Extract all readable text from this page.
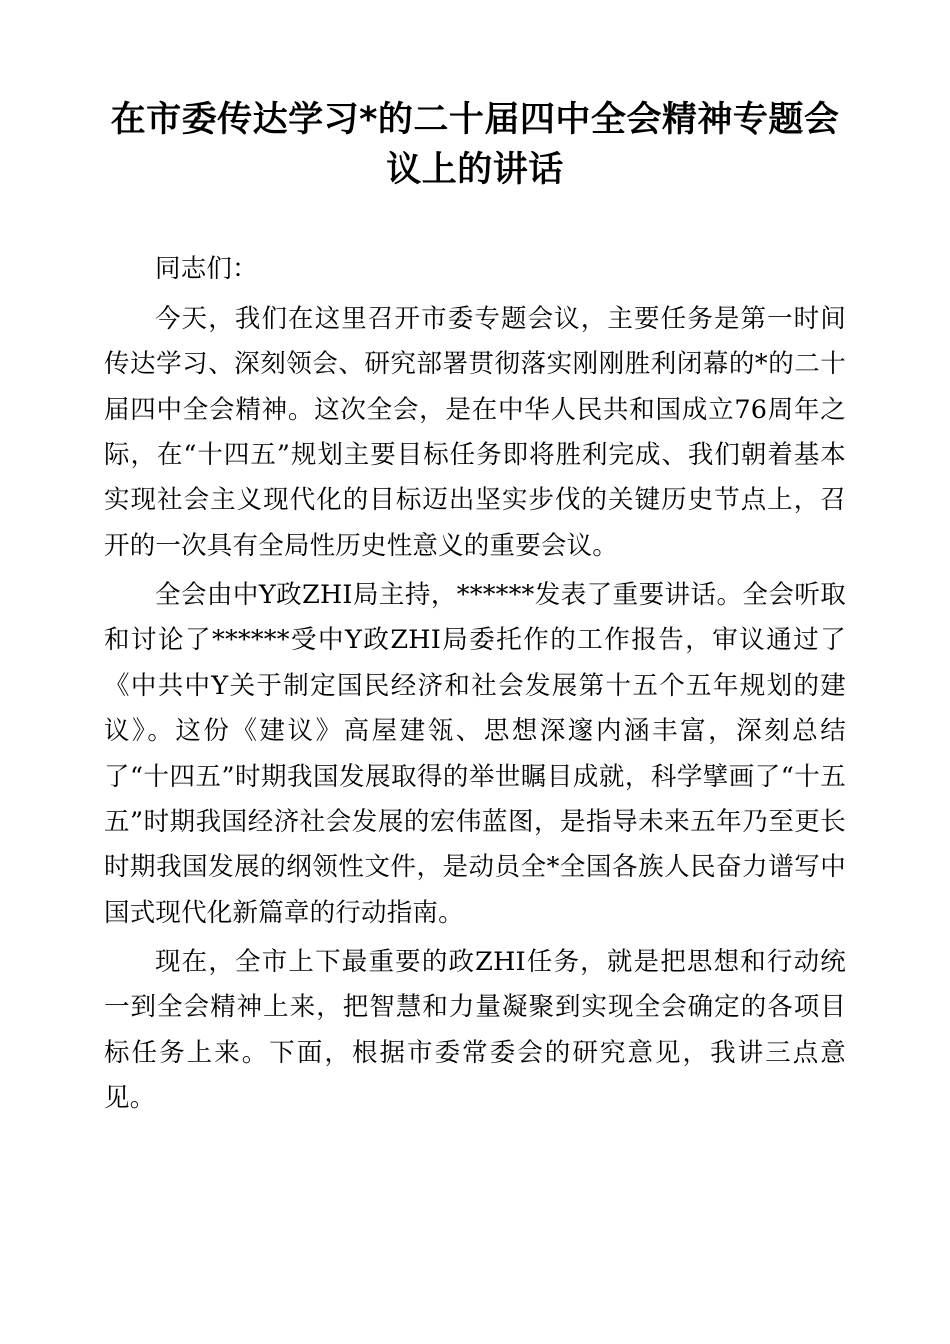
在市委传达学习*的二十届四中全会精神专题会议上的讲话

同志们：

今天，我们在这里召开市委专题会议，主要任务是第一时间传达学习、深刻领会、研究部署贯彻落实刚刚胜利闭幕的*的二十届四中全会精神。这次全会，是在中华人民共和国成立76周年之际，在“十四五”规划主要目标任务即将胜利完成、我们朝着基本实现社会主义现代化的目标迈出坚实步伐的关键历史节点上，召开的一次具有全局性历史性意义的重要会议。

全会由中Y政ZHI局主持，******发表了重要讲话。全会听取和讨论了******受中Y政ZHI局委托作的工作报告，审议通过了《中共中Y关于制定国民经济和社会发展第十五个五年规划的建议》。这份《建议》高屋建瓴、思想深邃内涵丰富，深刻总结了“十四五”时期我国发展取得的举世瞩目成就，科学擘画了“十五五”时期我国经济社会发展的宏伟蓝图，是指导未来五年乃至更长时期我国发展的纲领性文件，是动员全*全国各族人民奋力谱写中国式现代化新篇章的行动指南。

现在，全市上下最重要的政ZHI任务，就是把思想和行动统一到全会精神上来，把智慧和力量凝聚到实现全会确定的各项目标任务上来。下面，根据市委常委会的研究意见，我讲三点意见。
